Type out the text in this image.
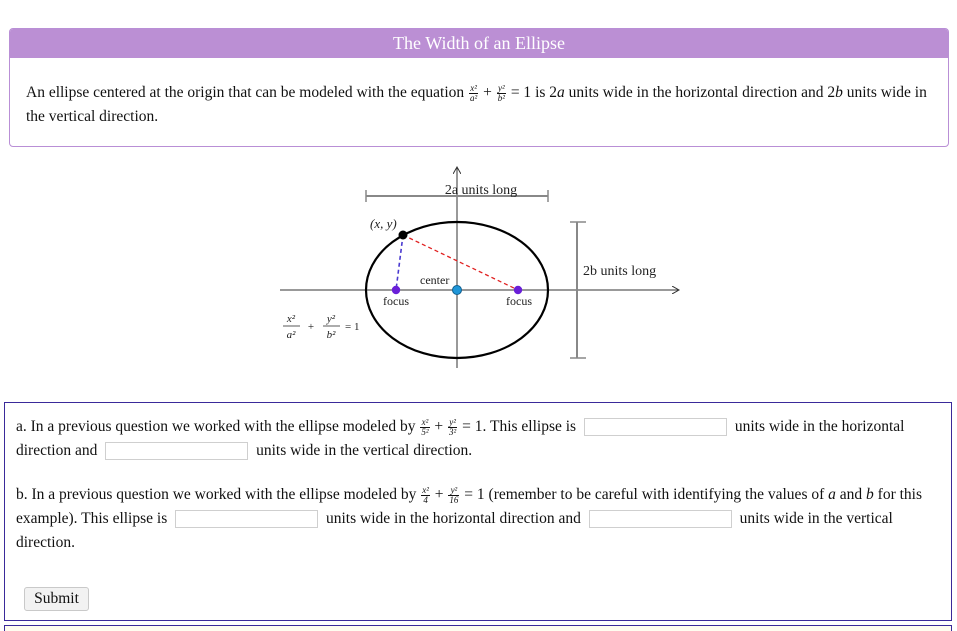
The Width of an Ellipse
An ellipse centered at the origin that can be modeled with the equation $\frac{\text{x²}}{\text{a²}} + \frac{\text{y²}}{\text{b²}} = 1$ is 2a units wide in the horizontal direction and 2b units wide in the vertical direction.
2a units long
2b units long
(x, y)
center
focus	focus
x²
a²
+
y²
b²
= 1
a. In a previous question we worked with the ellipse modeled by $\frac{\text{x²}}{\text{5²}} + \frac{\text{y²}}{\text{3²}} = 1$. This ellipse is	units wide in the horizontal direction and	units wide in the vertical direction.
b. In a previous question we worked with the ellipse modeled by $\frac{\text{x²}}{4} + \frac{\text{y²}}{16} = 1$ (remember to be careful with identifying the values of a and b for this example). This ellipse is	units wide in the horizontal direction and	units wide in the vertical direction.
Submit
